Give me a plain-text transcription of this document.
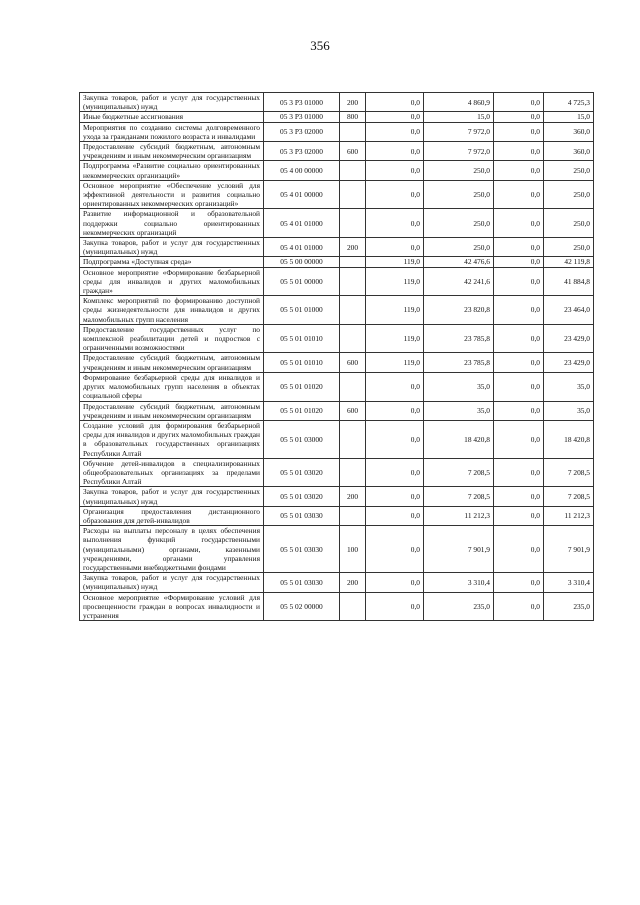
356
Закупка товаров, работ и услуг для государственных (муниципальных) нужд	05 3 P3 01000	200	0,0	4 860,9	0,0	4 725,3
Иные бюджетные ассигнования	05 3 P3 01000	800	0,0	15,0	0,0	15,0
Мероприятия по созданию системы долговременного ухода за гражданами пожилого возраста и инвалидами	05 3 P3 02000		0,0	7 972,0	0,0	360,0
Предоставление субсидий бюджетным, автономным учреждениям и иным некоммерческим организациям	05 3 P3 02000	600	0,0	7 972,0	0,0	360,0
Подпрограмма «Развитие социально ориентированных некоммерческих организаций»	05 4 00 00000		0,0	250,0	0,0	250,0
Основное мероприятие «Обеспечение условий для эффективной деятельности и развития социально ориентированных некоммерческих организаций»	05 4 01 00000		0,0	250,0	0,0	250,0
Развитие информационной и образовательной поддержки социально ориентированных некоммерческих организаций	05 4 01 01000		0,0	250,0	0,0	250,0
Закупка товаров, работ и услуг для государственных (муниципальных) нужд	05 4 01 01000	200	0,0	250,0	0,0	250,0
Подпрограмма «Доступная среда»	05 5 00 00000		119,0	42 476,6	0,0	42 119,8
Основное мероприятие «Формирование безбарьерной среды для инвалидов и других маломобильных граждан»	05 5 01 00000		119,0	42 241,6	0,0	41 884,8
Комплекс мероприятий по формированию доступной среды жизнедеятельности для инвалидов и других маломобильных групп населения	05 5 01 01000		119,0	23 820,8	0,0	23 464,0
Предоставление государственных услуг по комплексной реабилитации детей и подростков с ограниченными возможностями	05 5 01 01010		119,0	23 785,8	0,0	23 429,0
Предоставление субсидий бюджетным, автономным учреждениям и иным некоммерческим организациям	05 5 01 01010	600	119,0	23 785,8	0,0	23 429,0
Формирование безбарьерной среды для инвалидов и других маломобильных групп населения в объектах социальной сферы	05 5 01 01020		0,0	35,0	0,0	35,0
Предоставление субсидий бюджетным, автономным учреждениям и иным некоммерческим организациям	05 5 01 01020	600	0,0	35,0	0,0	35,0
Создание условий для формирования безбарьерной среды для инвалидов и других маломобильных граждан в образовательных государственных организациях Республики Алтай	05 5 01 03000		0,0	18 420,8	0,0	18 420,8
Обучение детей-инвалидов в специализированных общеобразовательных организациях за пределами Республики Алтай	05 5 01 03020		0,0	7 208,5	0,0	7 208,5
Закупка товаров, работ и услуг для государственных (муниципальных) нужд	05 5 01 03020	200	0,0	7 208,5	0,0	7 208,5
Организация предоставления дистанционного образования для детей-инвалидов	05 5 01 03030		0,0	11 212,3	0,0	11 212,3
Расходы на выплаты персоналу в целях обеспечения выполнения функций государственными (муниципальными) органами, казенными учреждениями, органами управления государственными внебюджетными фондами	05 5 01 03030	100	0,0	7 901,9	0,0	7 901,9
Закупка товаров, работ и услуг для государственных (муниципальных) нужд	05 5 01 03030	200	0,0	3 310,4	0,0	3 310,4
Основное мероприятие «Формирование условий для просвещенности граждан в вопросах инвалидности и устранения	05 5 02 00000		0,0	235,0	0,0	235,0
